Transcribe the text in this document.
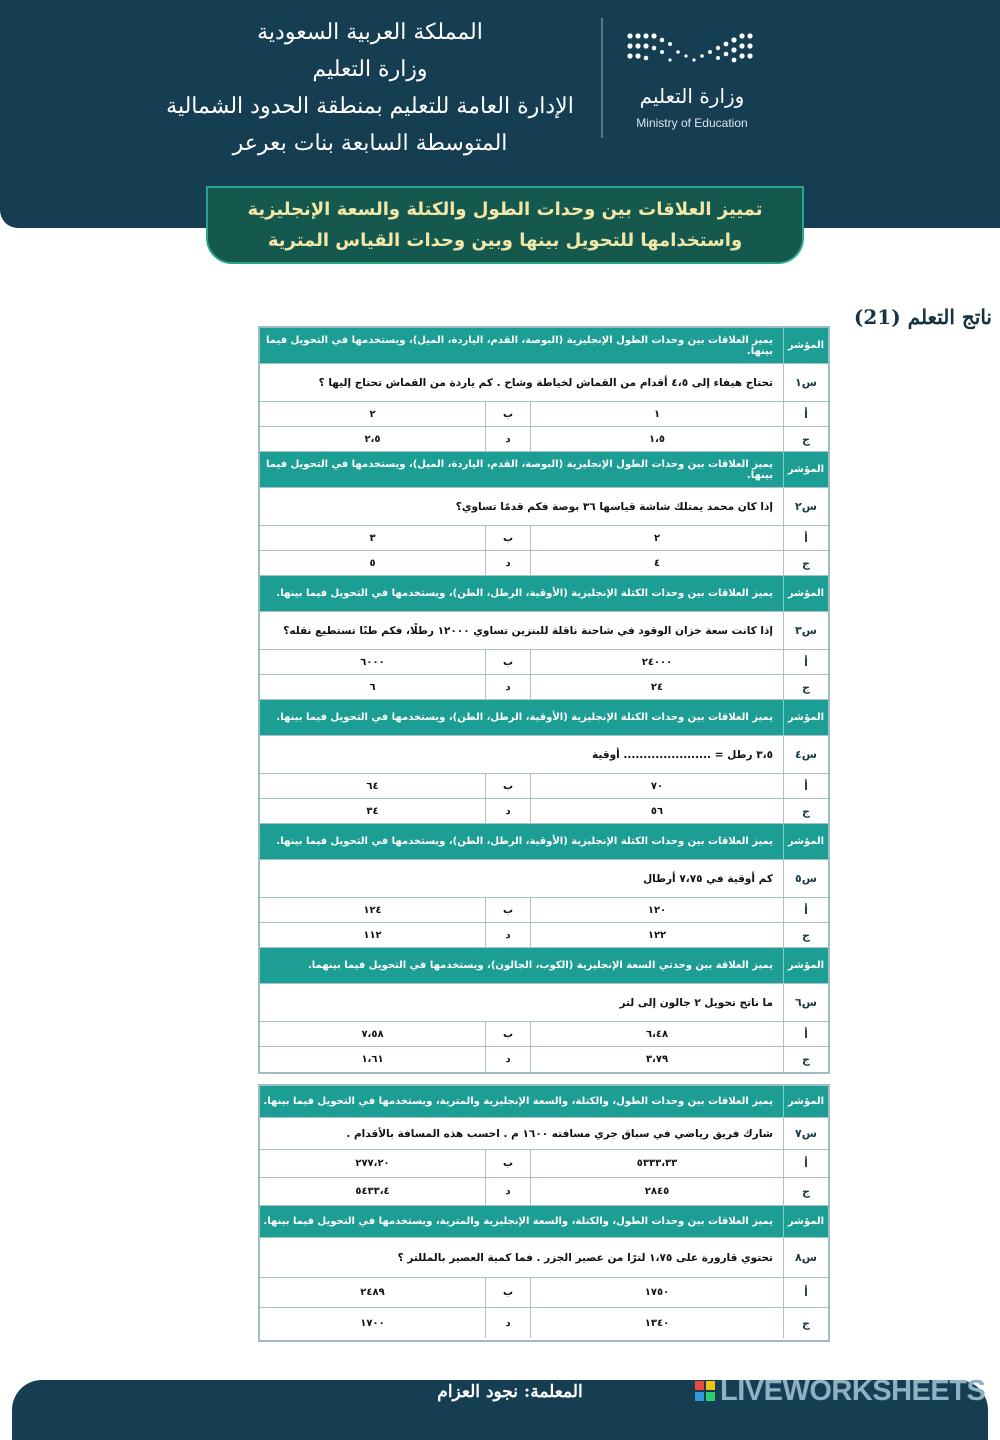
المملكة العربية السعودية
وزارة التعليم
الإدارة العامة للتعليم بمنطقة الحدود الشمالية
المتوسطة السابعة بنات بعرعر
وزارة التعليم
Ministry of Education
تمييز العلاقات بين وحدات الطول والكتلة والسعة الإنجليزية
واستخدامها للتحويل بينها وبين وحدات القياس المترية
ناتج التعلم (21)
المؤشر
يميز العلاقات بين وحدات الطول الإنجليزية (البوصة، القدم، الياردة، الميل)، ويستخدمها في التحويل فيما بينها.
س١
تحتاج هيفاء إلى ٤،٥ أقدام من القماش لخياطة وشاح . كم ياردة من القماش تحتاج إليها ؟
أ
١
ب
٢
ج
١،٥
د
٢،٥
المؤشر
يميز العلاقات بين وحدات الطول الإنجليزية (البوصة، القدم، الياردة، الميل)، ويستخدمها في التحويل فيما بينها.
س٢
إذا كان محمد يمتلك شاشة قياسها ٣٦ بوصة فكم قدمًا تساوي؟
أ
٢
ب
٣
ج
٤
د
٥
المؤشر
يميز العلاقات بين وحدات الكتلة الإنجليزية (الأوقية، الرطل، الطن)، ويستخدمها في التحويل فيما بينها.
س٣
إذا كانت سعة خزان الوقود في شاحنة ناقلة للبنزين تساوي ١٢٠٠٠ رطلًا، فكم طنًا تستطيع نقله؟
أ
٢٤٠٠٠
ب
٦٠٠٠
ج
٢٤
د
٦
المؤشر
يميز العلاقات بين وحدات الكتلة الإنجليزية (الأوقية، الرطل، الطن)، ويستخدمها في التحويل فيما بينها.
س٤
٣،٥ رطل = ...................... أوقية
أ
٧٠
ب
٦٤
ج
٥٦
د
٣٤
المؤشر
يميز العلاقات بين وحدات الكتلة الإنجليزية (الأوقية، الرطل، الطن)، ويستخدمها في التحويل فيما بينها.
س٥
كم أوقية في ٧،٧٥ أرطال
أ
١٢٠
ب
١٢٤
ج
١٢٢
د
١١٢
المؤشر
يميز العلاقة بين وحدتي السعة الإنجليزية (الكوب، الجالون)، ويستخدمها في التحويل فيما بينهما.
س٦
ما ناتج تحويل ٢ جالون إلى لتر
أ
٦،٤٨
ب
٧،٥٨
ج
٣،٧٩
د
١،٦١
المؤشر
يميز العلاقات بين وحدات الطول، والكتلة، والسعة الإنجليزية والمترية، ويستخدمها في التحويل فيما بينها.
س٧
شارك فريق رياضي في سباق جري مسافته ١٦٠٠ م . احسب هذه المسافة بالأقدام .
أ
٥٣٣٣،٣٣
ب
٢٧٧،٢٠
ج
٢٨٤٥
د
٥٤٣٣،٤
المؤشر
يميز العلاقات بين وحدات الطول، والكتلة، والسعة الإنجليزية والمترية، ويستخدمها في التحويل فيما بينها.
س٨
تحتوي قارورة على ١،٧٥ لترًا من عصير الجزر . فما كمية العصير بالمللتر ؟
أ
١٧٥٠
ب
٢٤٨٩
ج
١٣٤٠
د
١٧٠٠
المعلمة: نجود العزام	LIVEWORKSHEETS
